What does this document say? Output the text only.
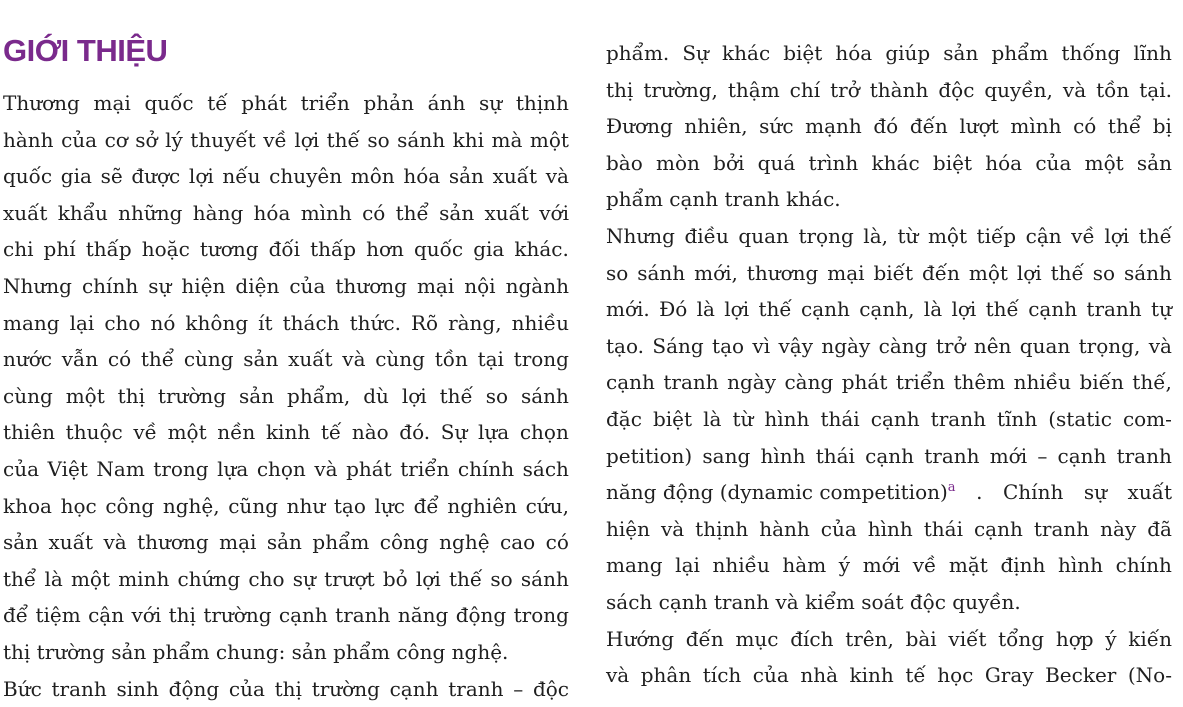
GIỚI THIỆU
Thương mại quốc tế phát triển phản ánh sự thịnh
hành của cơ sở lý thuyết về lợi thế so sánh khi mà một
quốc gia sẽ được lợi nếu chuyên môn hóa sản xuất và
xuất khẩu những hàng hóa mình có thể sản xuất với
chi phí thấp hoặc tương đối thấp hơn quốc gia khác.
Nhưng chính sự hiện diện của thương mại nội ngành
mang lại cho nó không ít thách thức. Rõ ràng, nhiều
nước vẫn có thể cùng sản xuất và cùng tồn tại trong
cùng một thị trường sản phẩm, dù lợi thế so sánh
thiên thuộc về một nền kinh tế nào đó. Sự lựa chọn
của Việt Nam trong lựa chọn và phát triển chính sách
khoa học công nghệ, cũng như tạo lực để nghiên cứu,
sản xuất và thương mại sản phẩm công nghệ cao có
thể là một minh chứng cho sự trượt bỏ lợi thế so sánh
để tiệm cận với thị trường cạnh tranh năng động trong
thị trường sản phẩm chung: sản phẩm công nghệ.
Bức tranh sinh động của thị trường cạnh tranh – độc
phẩm. Sự khác biệt hóa giúp sản phẩm thống lĩnh
thị trường, thậm chí trở thành độc quyền, và tồn tại.
Đương nhiên, sức mạnh đó đến lượt mình có thể bị
bào mòn bởi quá trình khác biệt hóa của một sản
phẩm cạnh tranh khác.
Nhưng điều quan trọng là, từ một tiếp cận về lợi thế
so sánh mới, thương mại biết đến một lợi thế so sánh
mới. Đó là lợi thế cạnh cạnh, là lợi thế cạnh tranh tự
tạo. Sáng tạo vì vậy ngày càng trở nên quan trọng, và
cạnh tranh ngày càng phát triển thêm nhiều biến thế,
đặc biệt là từ hình thái cạnh tranh tĩnh (static com-
petition) sang hình thái cạnh tranh mới – cạnh tranh
năng động (dynamic competition)$^a$ . Chính sự xuất
hiện và thịnh hành của hình thái cạnh tranh này đã
mang lại nhiều hàm ý mới về mặt định hình chính
sách cạnh tranh và kiểm soát độc quyền.
Hướng đến mục đích trên, bài viết tổng hợp ý kiến
và phân tích của nhà kinh tế học Gray Becker (No-
